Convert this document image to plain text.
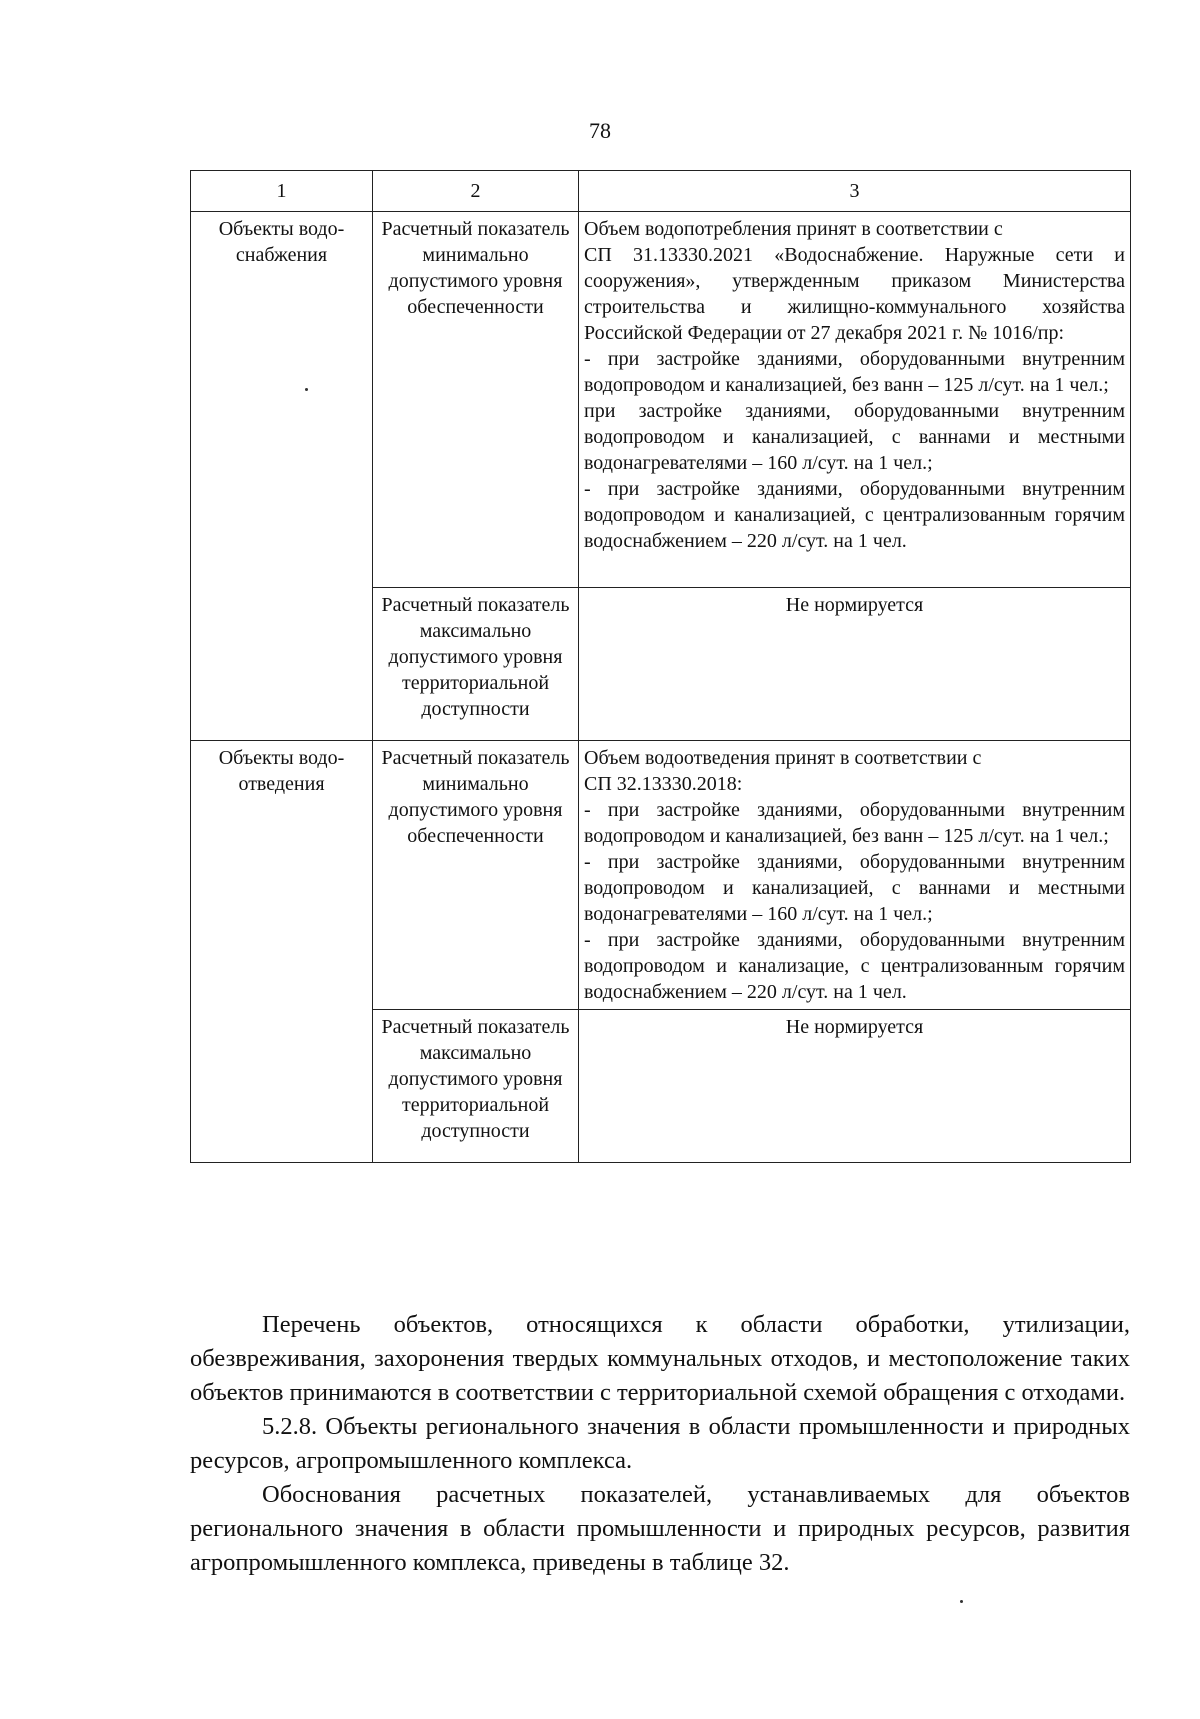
78
1	2	3
Объекты водо-снабжения	Расчетный показатель минимально допустимого уровня обеспеченности	Объем водопотребления принят в соответствии с
СП 31.13330.2021 «Водоснабжение. Наружные сети и сооружения», утвержденным приказом Министерства строительства и жилищно-коммунального хозяйства Российской Федерации от 27 декабря 2021 г. № 1016/пр:
- при застройке зданиями, оборудованными внутренним водопроводом и канализацией, без ванн – 125 л/сут. на 1 чел.;
при застройке зданиями, оборудованными внутренним водопроводом и канализацией, с ваннами и местными водонагревателями – 160 л/сут. на 1 чел.;
- при застройке зданиями, оборудованными внутренним водопроводом и канализацией, с централизованным горячим водоснабжением – 220 л/сут. на 1 чел.

	Расчетный показатель максимально допустимого уровня территориальной доступности	Не нормируется
Объекты водо-отведения	Расчетный показатель минимально допустимого уровня обеспеченности	Объем водоотведения принят в соответствии с
СП 32.13330.2018:
- при застройке зданиями, оборудованными внутренним водопроводом и канализацией, без ванн – 125 л/сут. на 1 чел.;
- при застройке зданиями, оборудованными внутренним водопроводом и канализацией, с ваннами и местными водонагревателями – 160 л/сут. на 1 чел.;
- при застройке зданиями, оборудованными внутренним водопроводом и канализацие, с централизованным горячим водоснабжением – 220 л/сут. на 1 чел.

	Расчетный показатель максимально допустимого уровня территориальной доступности	Не нормируется

Перечень объектов, относящихся к области обработки, утилизации, обезвреживания, захоронения твердых коммунальных отходов, и местоположение таких объектов принимаются в соответствии с территориальной схемой обращения с отходами.

5.2.8. Объекты регионального значения в области промышленности и природных ресурсов, агропромышленного комплекса.

Обоснования расчетных показателей, устанавливаемых для объектов регионального значения в области промышленности и природных ресурсов, развития агропромышленного комплекса, приведены в таблице 32.
